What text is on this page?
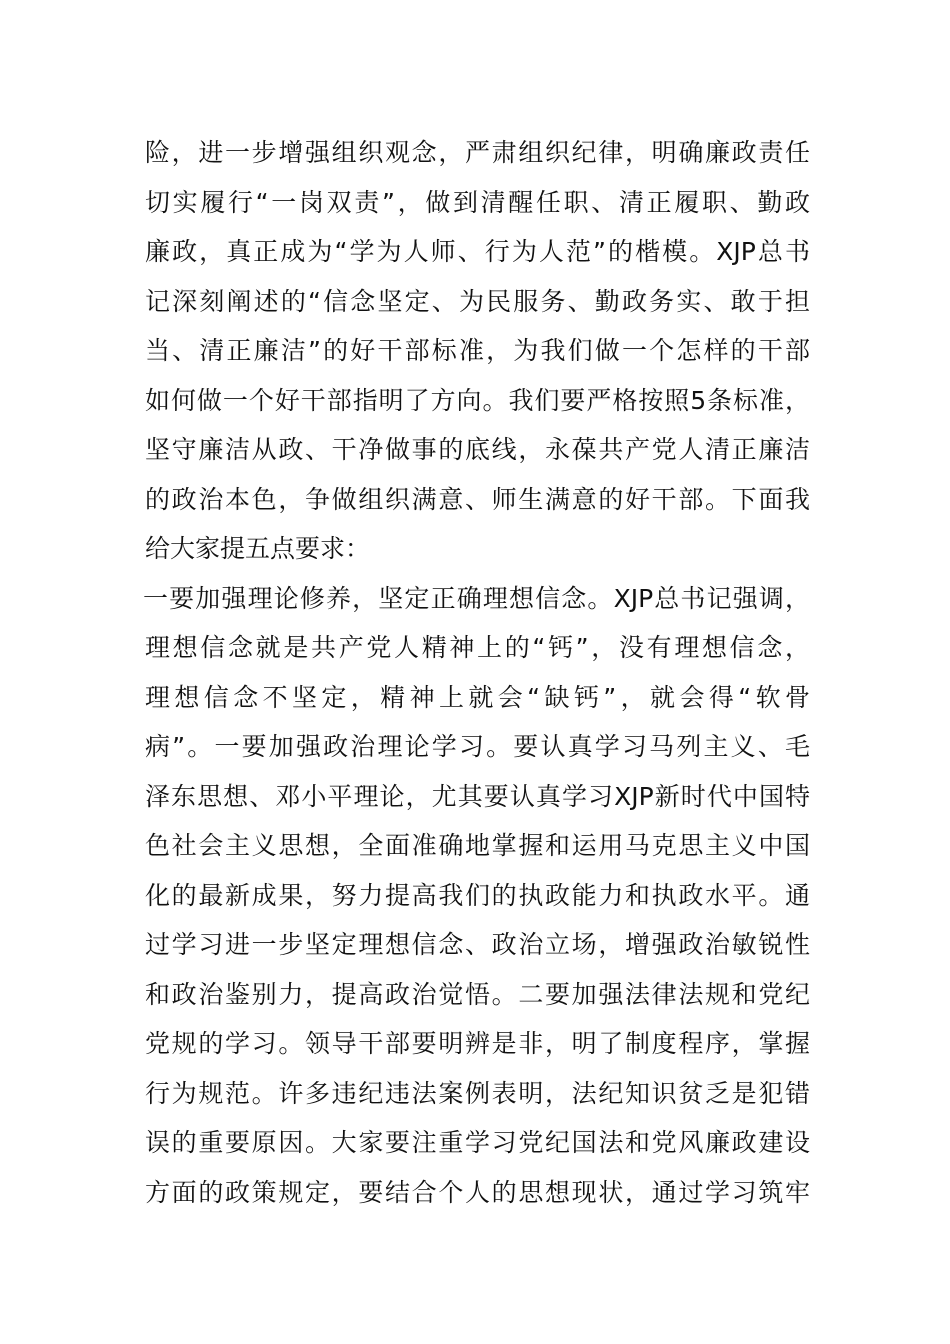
险，进一步增强组织观念，严肃组织纪律，明确廉政责任
切实履行“一岗双责”，做到清醒任职、清正履职、勤政
廉政，真正成为“学为人师、行为人范”的楷模。XJP总书
记深刻阐述的“信念坚定、为民服务、勤政务实、敢于担
当、清正廉洁”的好干部标准，为我们做一个怎样的干部
如何做一个好干部指明了方向。我们要严格按照5条标准，
坚守廉洁从政、干净做事的底线，永葆共产党人清正廉洁
的政治本色，争做组织满意、师生满意的好干部。下面我
给大家提五点要求：
一要加强理论修养，坚定正确理想信念。XJP总书记强调，
理想信念就是共产党人精神上的“钙”，没有理想信念，
理想信念不坚定，精神上就会“缺钙”，就会得“软骨
病”。一要加强政治理论学习。要认真学习马列主义、毛
泽东思想、邓小平理论，尤其要认真学习XJP新时代中国特
色社会主义思想，全面准确地掌握和运用马克思主义中国
化的最新成果，努力提高我们的执政能力和执政水平。通
过学习进一步坚定理想信念、政治立场，增强政治敏锐性
和政治鉴别力，提高政治觉悟。二要加强法律法规和党纪
党规的学习。领导干部要明辨是非，明了制度程序，掌握
行为规范。许多违纪违法案例表明，法纪知识贫乏是犯错
误的重要原因。大家要注重学习党纪国法和党风廉政建设
方面的政策规定，要结合个人的思想现状，通过学习筑牢
